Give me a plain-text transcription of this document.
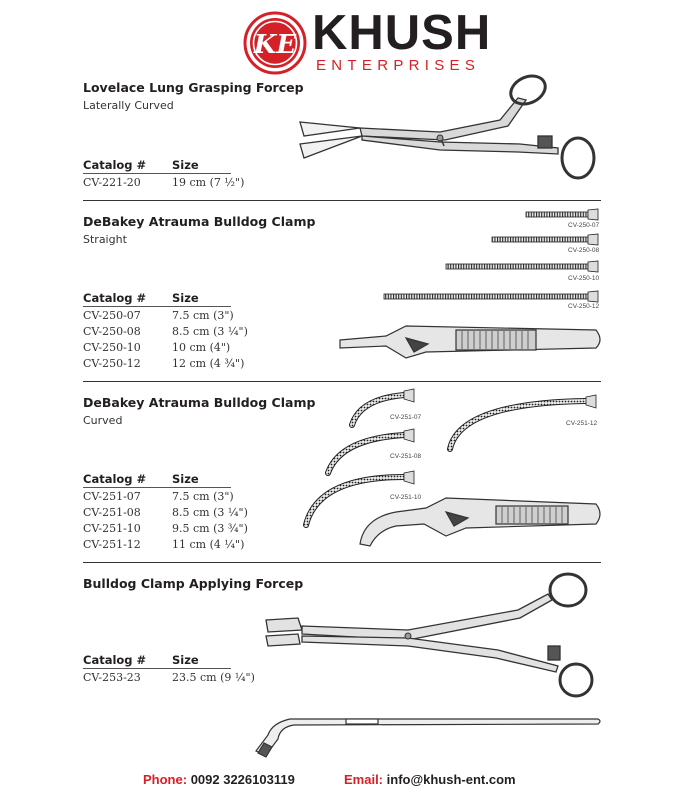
KE KHUSH
ENTERPRISES
Lovelace Lung Grasping Forcep
Laterally Curved
Catalog # Size
CV-221-20	19 cm (7 ½")
DeBakey Atrauma Bulldog Clamp
Straight
Catalog # Size
CV-250-07	7.5 cm (3")
CV-250-08	8.5 cm (3 ¼")
CV-250-10	10 cm (4")
CV-250-12	12 cm (4 ¾")
CV-250-07
CV-250-08
CV-250-10
CV-250-12
DeBakey Atrauma Bulldog Clamp
Curved
Catalog # Size
CV-251-07	7.5 cm (3")
CV-251-08	8.5 cm (3 ¼")
CV-251-10	9.5 cm (3 ¾")
CV-251-12	11 cm (4 ¼")
CV-251-07
CV-251-08
CV-251-10
CV-251-12
Bulldog Clamp Applying Forcep
Catalog # Size
CV-253-23	23.5 cm (9 ¼")
Phone: 0092 3226103119	Email: info@khush-ent.com
